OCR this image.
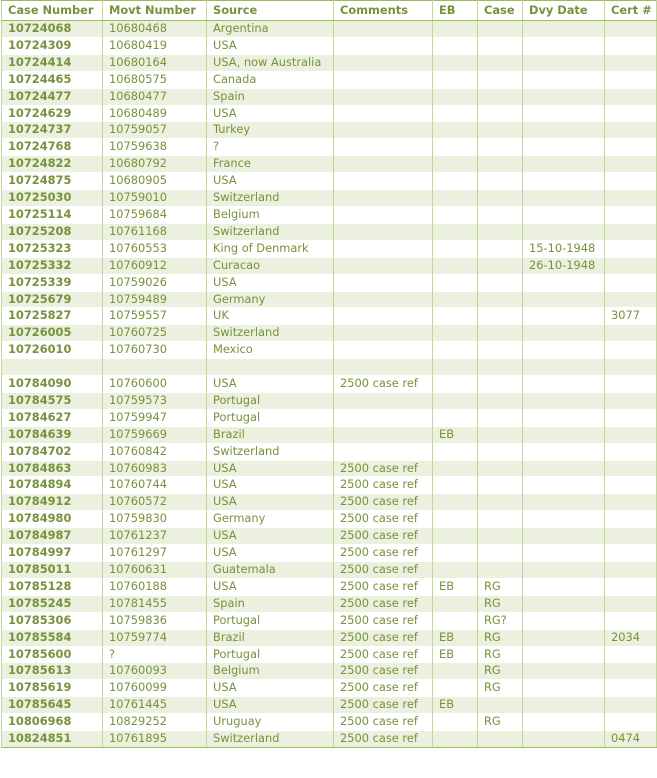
Case Number	Movt Number	Source	Comments	EB	Case	Dvy Date	Cert #
10724068	10680468	Argentina					
10724309	10680419	USA					
10724414	10680164	USA, now Australia					
10724465	10680575	Canada					
10724477	10680477	Spain					
10724629	10680489	USA					
10724737	10759057	Turkey					
10724768	10759638	?					
10724822	10680792	France					
10724875	10680905	USA					
10725030	10759010	Switzerland					
10725114	10759684	Belgium					
10725208	10761168	Switzerland					
10725323	10760553	King of Denmark				15-10-1948	
10725332	10760912	Curacao				26-10-1948	
10725339	10759026	USA					
10725679	10759489	Germany					
10725827	10759557	UK					3077
10726005	10760725	Switzerland					
10726010	10760730	Mexico					

10784090	10760600	USA	2500 case ref				
10784575	10759573	Portugal					
10784627	10759947	Portugal					
10784639	10759669	Brazil		EB			
10784702	10760842	Switzerland					
10784863	10760983	USA	2500 case ref				
10784894	10760744	USA	2500 case ref				
10784912	10760572	USA	2500 case ref				
10784980	10759830	Germany	2500 case ref				
10784987	10761237	USA	2500 case ref				
10784997	10761297	USA	2500 case ref				
10785011	10760631	Guatemala	2500 case ref				
10785128	10760188	USA	2500 case ref	EB	RG		
10785245	10781455	Spain	2500 case ref		RG		
10785306	10759836	Portugal	2500 case ref		RG?		
10785584	10759774	Brazil	2500 case ref	EB	RG		2034
10785600	?	Portugal	2500 case ref	EB	RG		
10785613	10760093	Belgium	2500 case ref		RG		
10785619	10760099	USA	2500 case ref		RG		
10785645	10761445	USA	2500 case ref	EB			
10806968	10829252	Uruguay	2500 case ref		RG		
10824851	10761895	Switzerland	2500 case ref				0474
